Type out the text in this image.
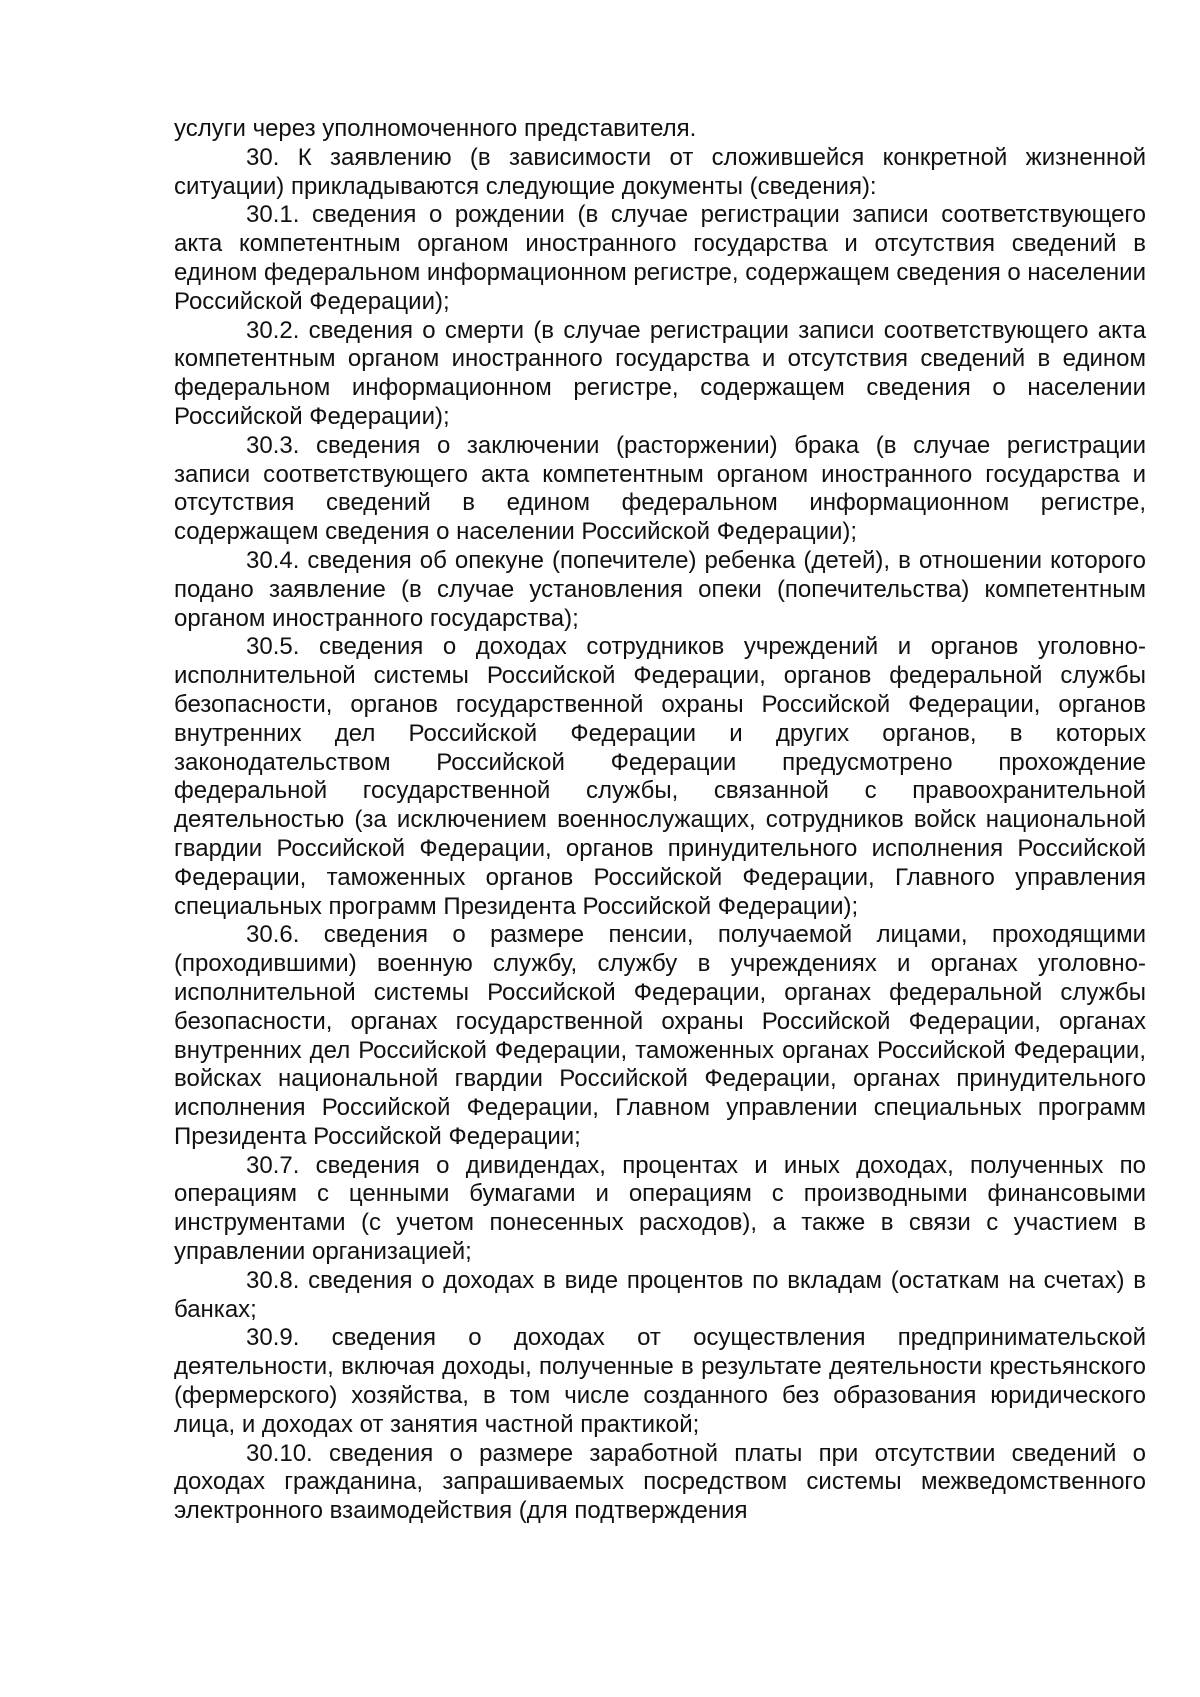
услуги через уполномоченного представителя.

30. К заявлению (в зависимости от сложившейся конкретной жизненной ситуации) прикладываются следующие документы (сведения):

30.1. сведения о рождении (в случае регистрации записи соответствующего акта компетентным органом иностранного государства и отсутствия сведений в едином федеральном информационном регистре, содержащем сведения о населении Российской Федерации);

30.2. сведения о смерти (в случае регистрации записи соответствующего акта компетентным органом иностранного государства и отсутствия сведений в едином федеральном информационном регистре, содержащем сведения о населении Российской Федерации);

30.3. сведения о заключении (расторжении) брака (в случае регистрации записи соответствующего акта компетентным органом иностранного государства и отсутствия сведений в едином федеральном информационном регистре, содержащем сведения о населении Российской Федерации);

30.4. сведения об опекуне (попечителе) ребенка (детей), в отношении которого подано заявление (в случае установления опеки (попечительства) компетентным органом иностранного государства);

30.5. сведения о доходах сотрудников учреждений и органов уголовно-исполнительной системы Российской Федерации, органов федеральной службы безопасности, органов государственной охраны Российской Федерации, органов внутренних дел Российской Федерации и других органов, в которых законодательством Российской Федерации предусмотрено прохождение федеральной государственной службы, связанной с правоохранительной деятельностью (за исключением военнослужащих, сотрудников войск национальной гвардии Российской Федерации, органов принудительного исполнения Российской Федерации, таможенных органов Российской Федерации, Главного управления специальных программ Президента Российской Федерации);

30.6. сведения о размере пенсии, получаемой лицами, проходящими (проходившими) военную службу, службу в учреждениях и органах уголовно-исполнительной системы Российской Федерации, органах федеральной службы безопасности, органах государственной охраны Российской Федерации, органах внутренних дел Российской Федерации, таможенных органах Российской Федерации, войсках национальной гвардии Российской Федерации, органах принудительного исполнения Российской Федерации, Главном управлении специальных программ Президента Российской Федерации;

30.7. сведения о дивидендах, процентах и иных доходах, полученных по операциям с ценными бумагами и операциям с производными финансовыми инструментами (с учетом понесенных расходов), а также в связи с участием в управлении организацией;

30.8. сведения о доходах в виде процентов по вкладам (остаткам на счетах) в банках;

30.9. сведения о доходах от осуществления предпринимательской деятельности, включая доходы, полученные в результате деятельности крестьянского (фермерского) хозяйства, в том числе созданного без образования юридического лица, и доходах от занятия частной практикой;

30.10. сведения о размере заработной платы при отсутствии сведений о доходах гражданина, запрашиваемых посредством системы межведомственного электронного взаимодействия (для подтверждения
